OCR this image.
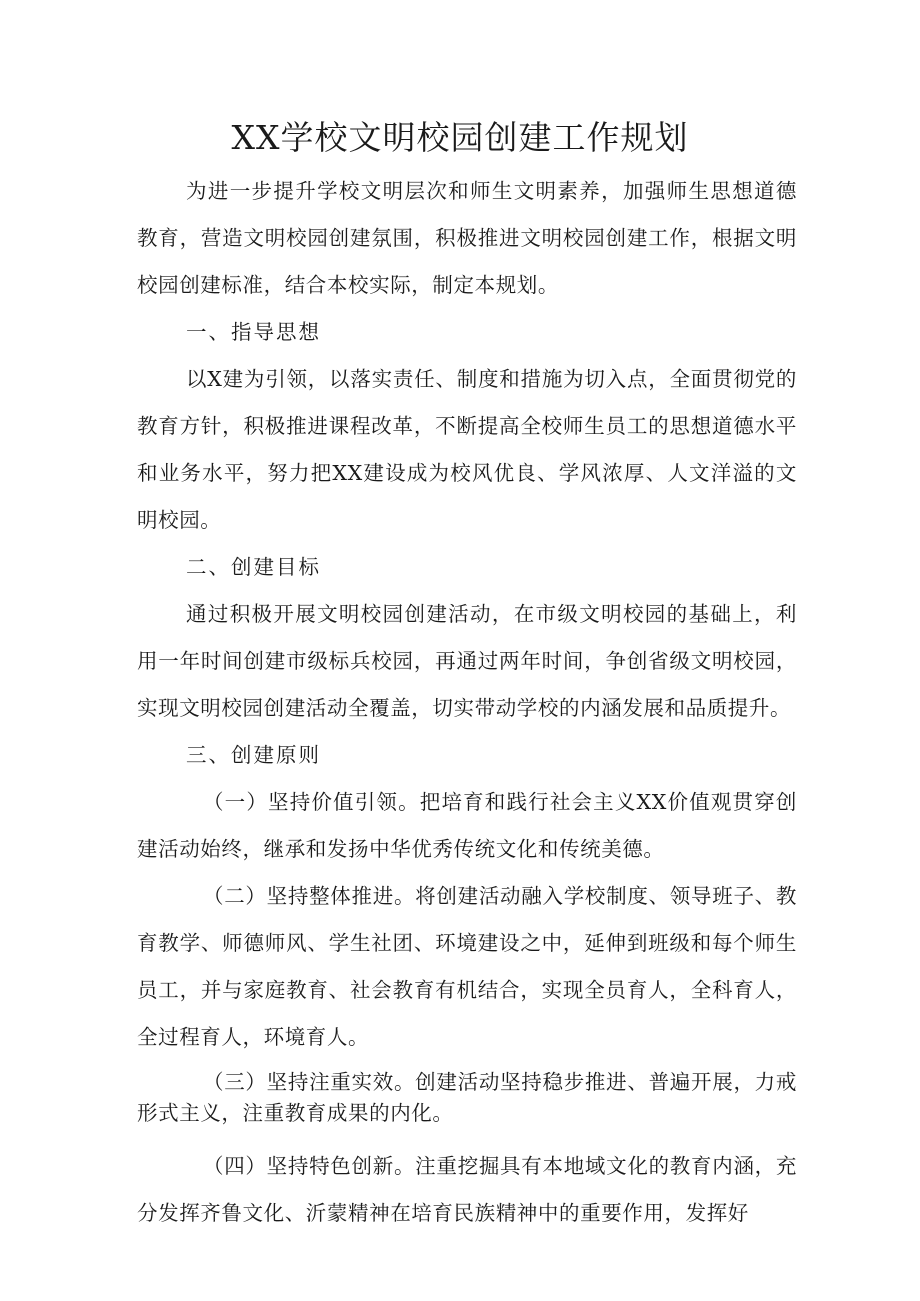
XX学校文明校园创建工作规划

为进一步提升学校文明层次和师生文明素养，加强师生思想道德教育，营造文明校园创建氛围，积极推进文明校园创建工作，根据文明校园创建标准，结合本校实际，制定本规划。

一、指导思想

以X建为引领，以落实责任、制度和措施为切入点，全面贯彻党的教育方针，积极推进课程改革，不断提高全校师生员工的思想道德水平和业务水平，努力把XX建设成为校风优良、学风浓厚、人文洋溢的文明校园。

二、创建目标

通过积极开展文明校园创建活动，在市级文明校园的基础上，利用一年时间创建市级标兵校园，再通过两年时间，争创省级文明校园，实现文明校园创建活动全覆盖，切实带动学校的内涵发展和品质提升。

三、创建原则

（一）坚持价值引领。把培育和践行社会主义XX价值观贯穿创建活动始终，继承和发扬中华优秀传统文化和传统美德。

（二）坚持整体推进。将创建活动融入学校制度、领导班子、教育教学、师德师风、学生社团、环境建设之中，延伸到班级和每个师生员工，并与家庭教育、社会教育有机结合，实现全员育人，全科育人，全过程育人，环境育人。

（三）坚持注重实效。创建活动坚持稳步推进、普遍开展，力戒形式主义，注重教育成果的内化。

（四）坚持特色创新。注重挖掘具有本地域文化的教育内涵，充分发挥齐鲁文化、沂蒙精神在培育民族精神中的重要作用，发挥好
